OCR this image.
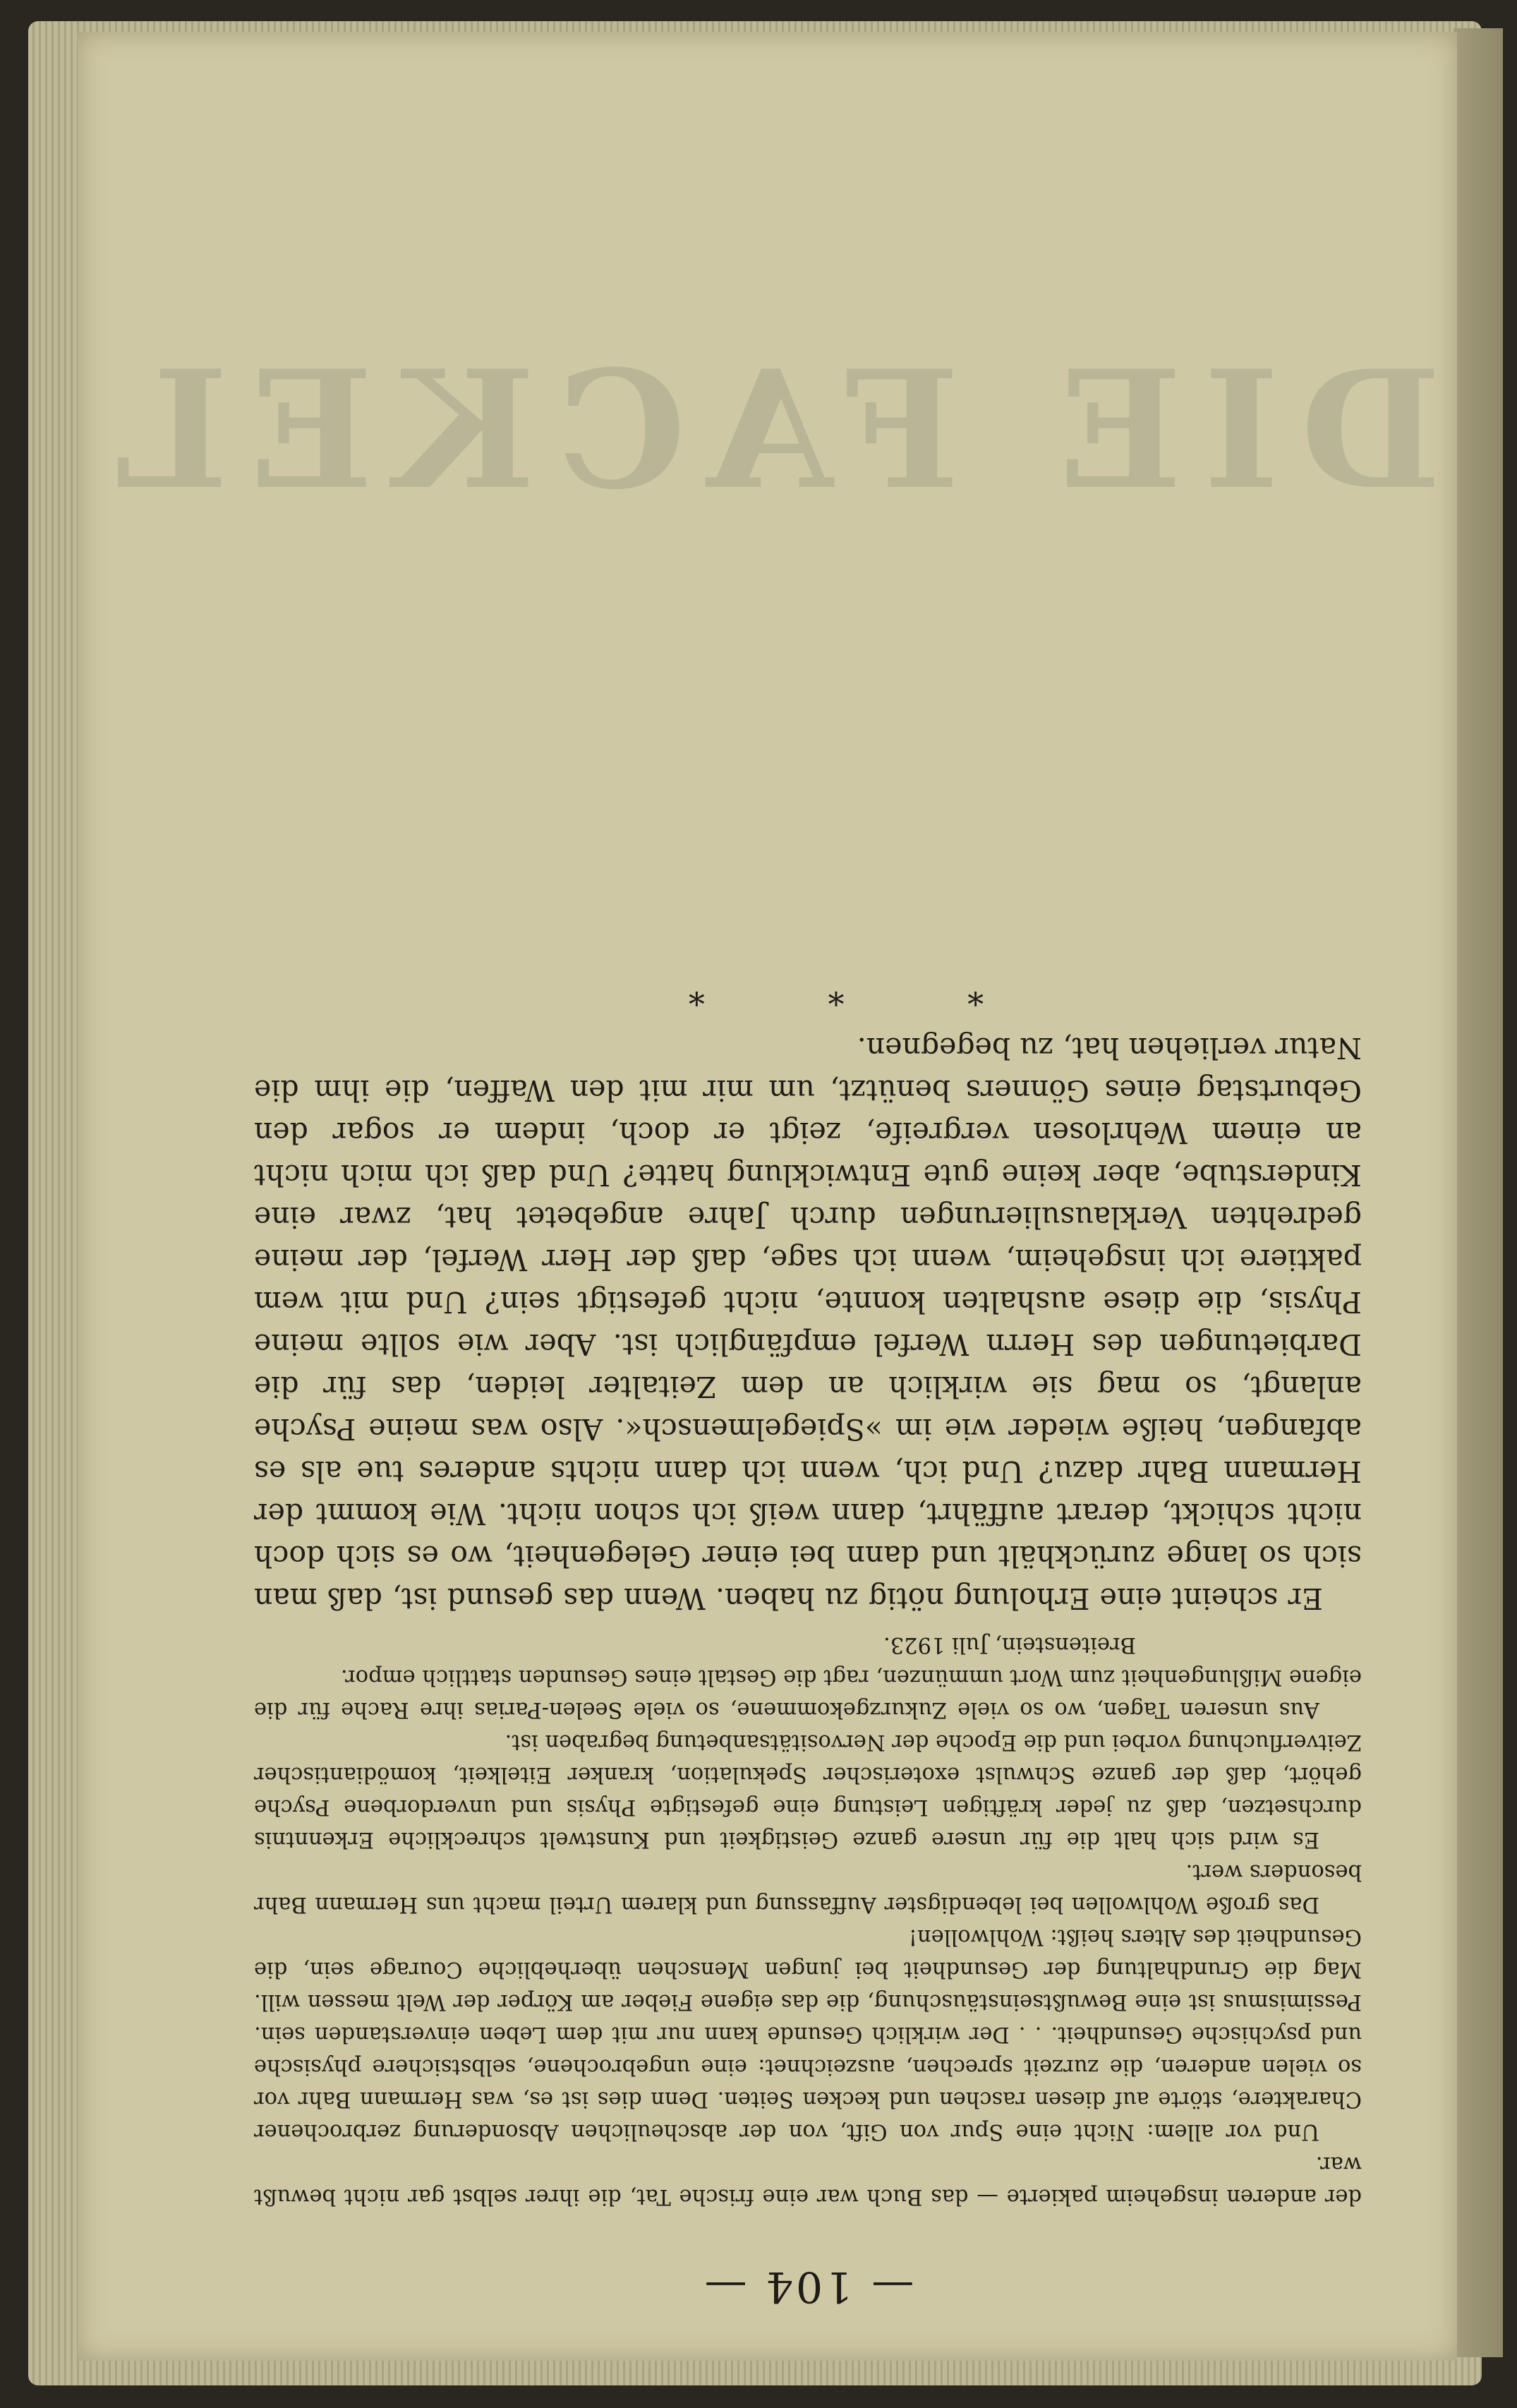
DIE FACKEL
— 104 —

der anderen insgeheim pakierte — das Buch war eine frische Tat, die ihrer selbst gar nicht bewußt war.

Und vor allem: Nicht eine Spur von Gift, von der abscheulichen Absonderung zerbrochener Charaktere, störte auf diesen raschen und kecken Seiten. Denn dies ist es, was Hermann Bahr vor so vielen anderen, die zurzeit sprechen, auszeichnet: eine ungebrochene, selbstsichere physische und psychische Gesundheit. . . Der wirklich Gesunde kann nur mit dem Leben einverstanden sein. Pessimismus ist eine Bewußtseinstäuschung, die das eigene Fieber am Körper der Welt messen will. Mag die Grundhaltung der Gesundheit bei jungen Menschen überhebliche Courage sein, die Gesundheit des Alters heißt: Wohlwollen!

Das große Wohlwollen bei lebendigster Auffassung und klarem Urteil macht uns Hermann Bahr besonders wert.

Es wird sich halt die für unsere ganze Geistigkeit und Kunstwelt schreckliche Erkenntnis durchsetzen, daß zu jeder kräftigen Leistung eine gefestigte Physis und unverdorbene Psyche gehört, daß der ganze Schwulst exoterischer Spekulation, kranker Eitelkeit, komödiantischer Zeitverfluchung vorbei und die Epoche der Nervositätsanbetung begraben ist.

Aus unseren Tagen, wo so viele Zukurzgekommene, so viele Seelen-Parias ihre Rache für die eigene Mißlungenheit zum Wort ummünzen, ragt die Gestalt eines Gesunden stattlich empor.

Breitenstein, Juli 1923.

Er scheint eine Erholung nötig zu haben. Wenn das gesund ist, daß man sich so lange zurückhält und dann bei einer Gelegenheit, wo es sich doch nicht schickt, derart auffährt, dann weiß ich schon nicht. Wie kommt der Hermann Bahr dazu? Und ich, wenn ich dann nichts anderes tue als es abfangen, heiße wieder wie im »Spiegelmensch«. Also was meine Psyche anlangt, so mag sie wirklich an dem Zeitalter leiden, das für die Darbietungen des Herrn Werfel empfänglich ist. Aber wie sollte meine Physis, die diese aushalten konnte, nicht gefestigt sein? Und mit wem paktiere ich insgeheim, wenn ich sage, daß der Herr Werfel, der meine gedrehten Verklausulierungen durch Jahre angebetet hat, zwar eine Kinderstube, aber keine gute Entwicklung hatte? Und daß ich mich nicht an einem Wehrlosen vergreife, zeigt er doch, indem er sogar den Geburtstag eines Gönners benützt, um mir mit den Waffen, die ihm die Natur verliehen hat, zu begegnen.

* * *
